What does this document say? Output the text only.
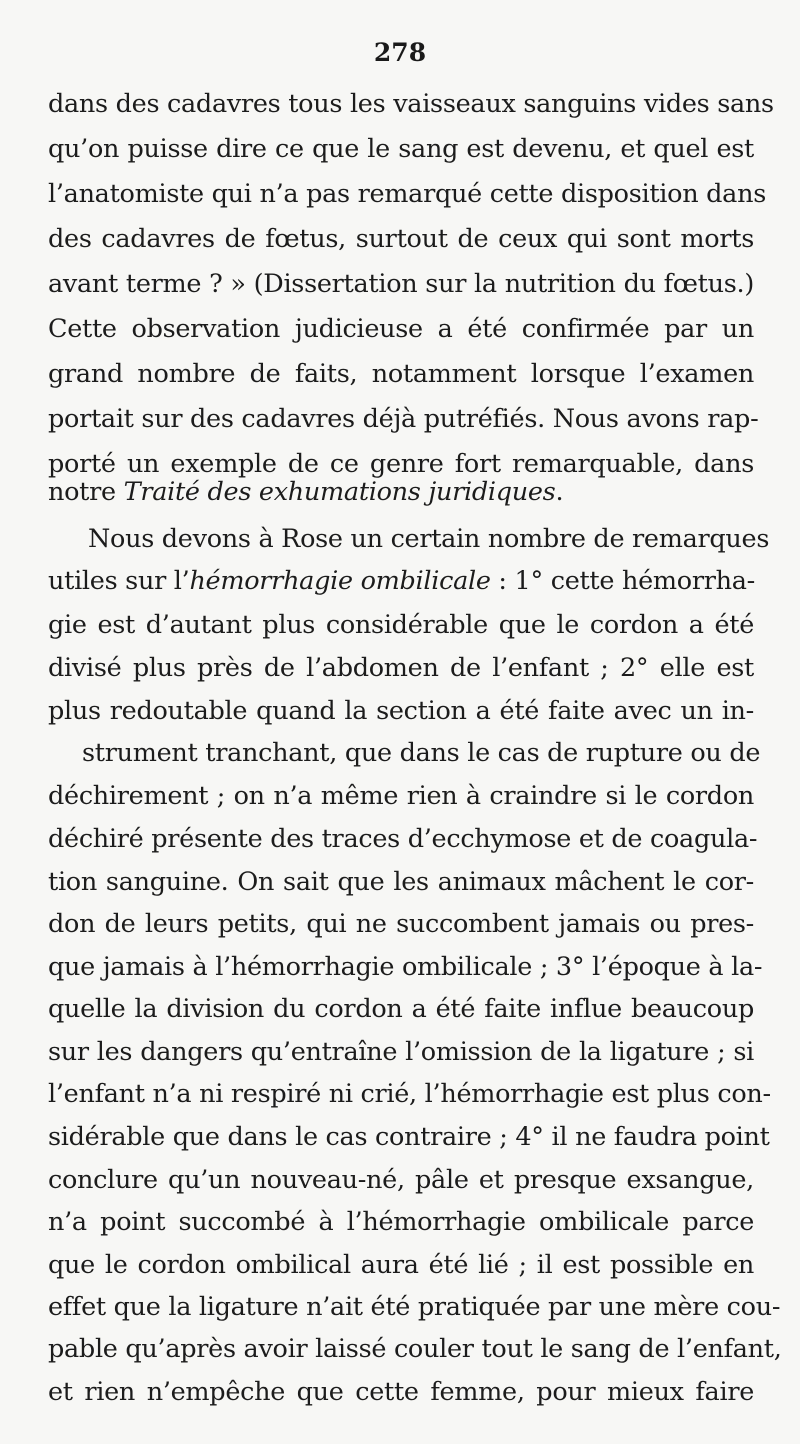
278
dans des cadavres tous les vaisseaux sanguins vides sans
qu’on puisse dire ce que le sang est devenu, et quel est
l’anatomiste qui n’a pas remarqué cette disposition dans
des cadavres de fœtus, surtout de ceux qui sont morts
avant terme ? » (Dissertation sur la nutrition du fœtus.)
Cette observation judicieuse a été confirmée par un
grand nombre de faits, notamment lorsque l’examen
portait sur des cadavres déjà putréfiés. Nous avons rap-
porté un exemple de ce genre fort remarquable, dans
notre Traité des exhumations juridiques.
Nous devons à Rose un certain nombre de remarques
utiles sur l’hémorrhagie ombilicale : 1° cette hémorrha-
gie est d’autant plus considérable que le cordon a été
divisé plus près de l’abdomen de l’enfant ; 2° elle est
plus redoutable quand la section a été faite avec un in-
strument tranchant, que dans le cas de rupture ou de
déchirement ; on n’a même rien à craindre si le cordon
déchiré présente des traces d’ecchymose et de coagula-
tion sanguine. On sait que les animaux mâchent le cor-
don de leurs petits, qui ne succombent jamais ou pres-
que jamais à l’hémorrhagie ombilicale ; 3° l’époque à la-
quelle la division du cordon a été faite influe beaucoup
sur les dangers qu’entraîne l’omission de la ligature ; si
l’enfant n’a ni respiré ni crié, l’hémorrhagie est plus con-
sidérable que dans le cas contraire ; 4° il ne faudra point
conclure qu’un nouveau-né, pâle et presque exsangue,
n’a point succombé à l’hémorrhagie ombilicale parce
que le cordon ombilical aura été lié ; il est possible en
effet que la ligature n’ait été pratiquée par une mère cou-
pable qu’après avoir laissé couler tout le sang de l’enfant,
et rien n’empêche que cette femme, pour mieux faire
